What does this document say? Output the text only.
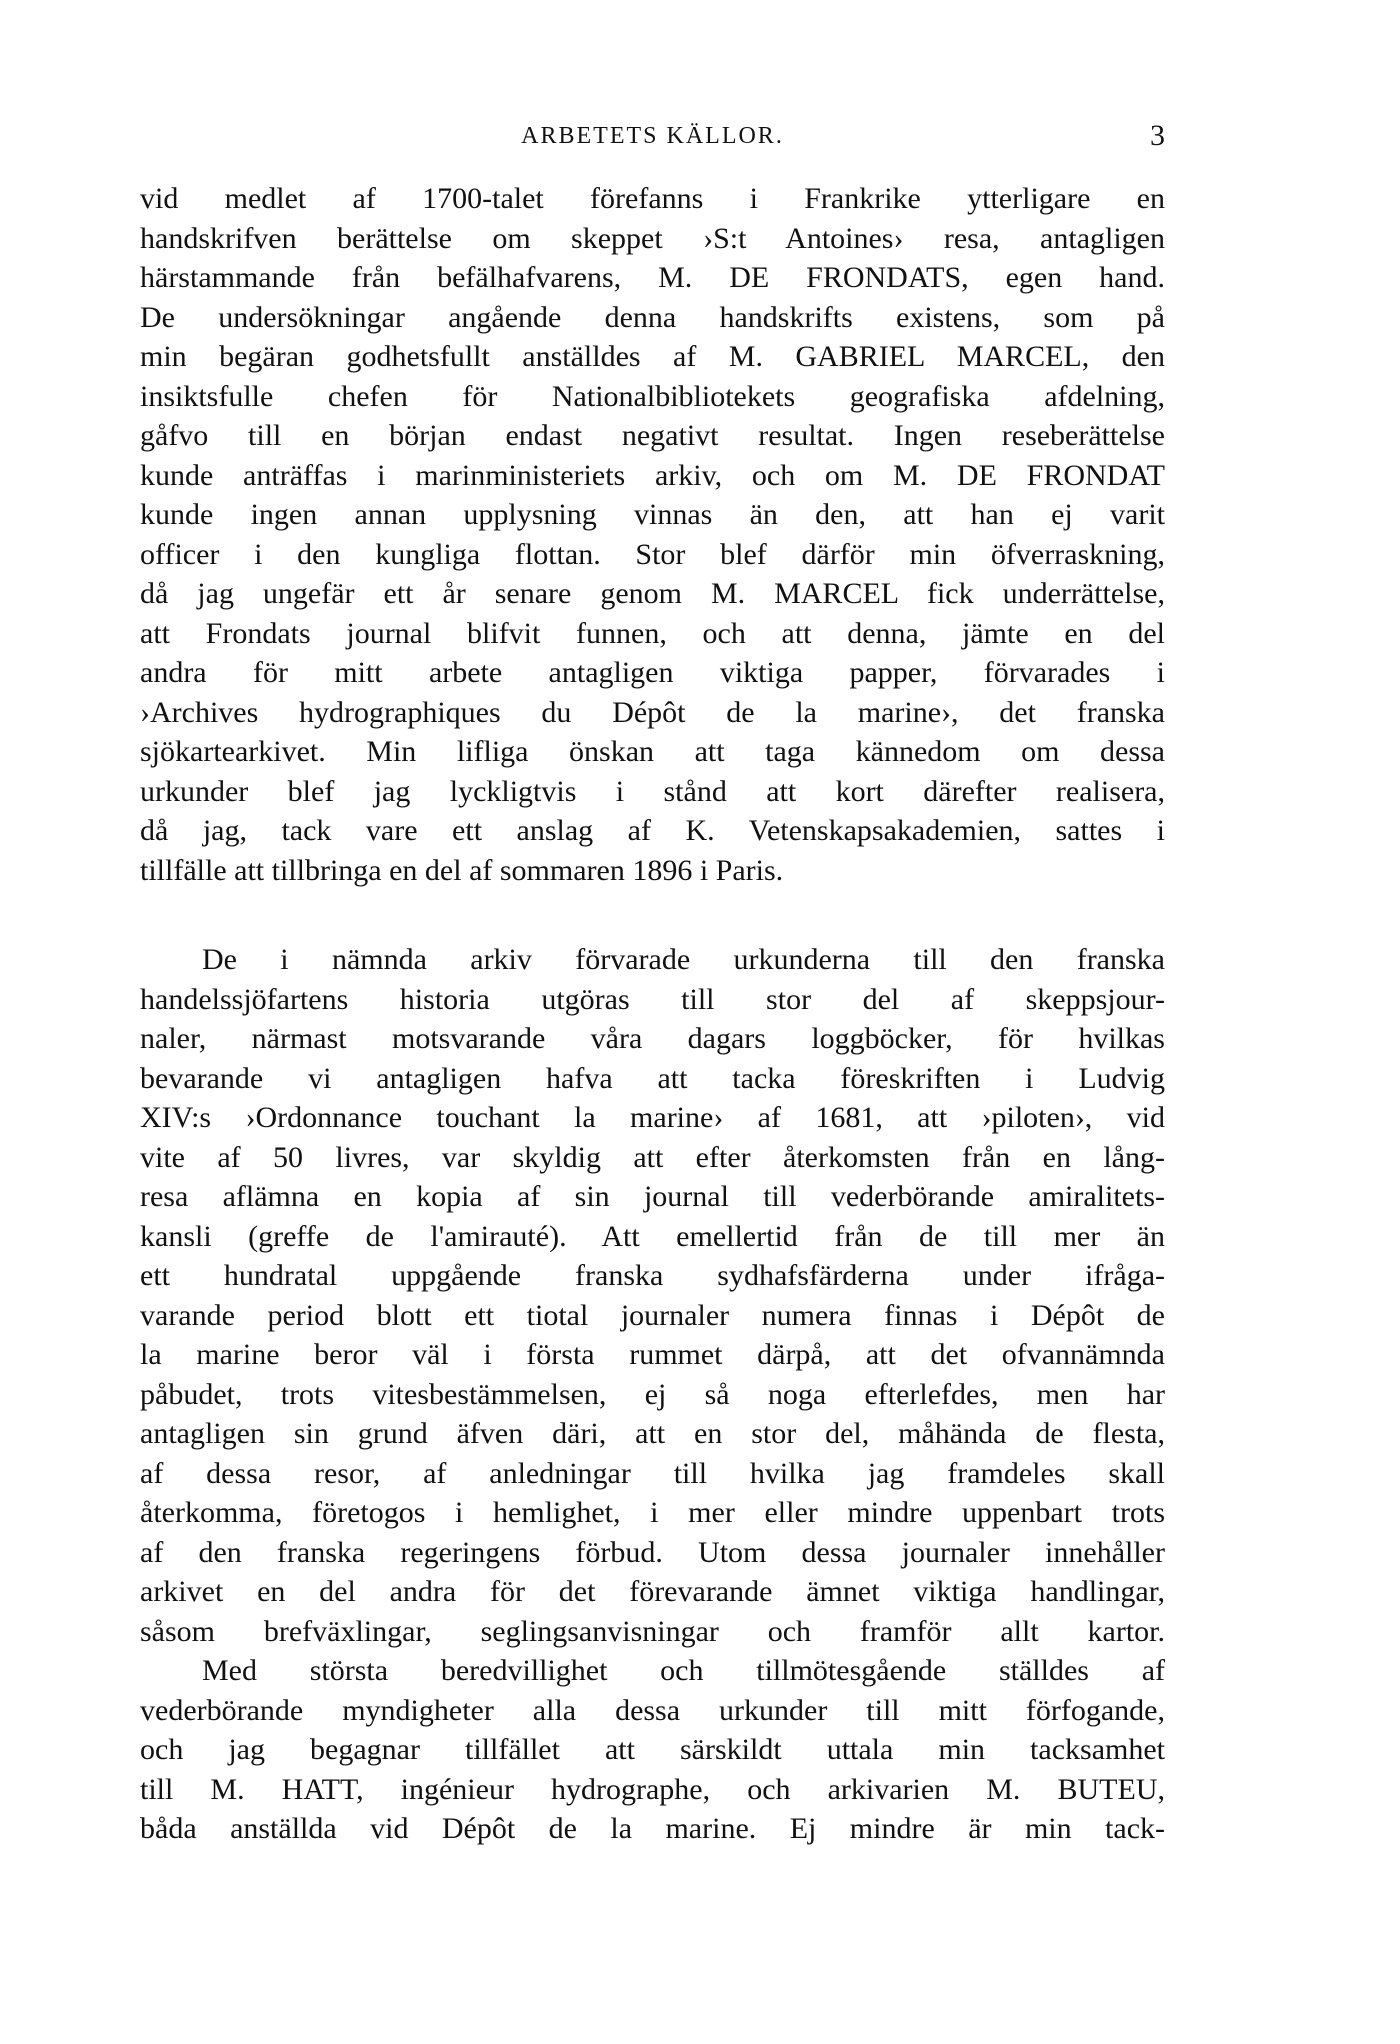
ARBETETS KÄLLOR.	3
vid medlet af 1700-talet förefanns i Frankrike ytterligare en
handskrifven berättelse om skeppet ›S:t Antoines› resa, antagligen
härstammande från befälhafvarens, M. DE FRONDATS, egen hand.
De undersökningar angående denna handskrifts existens, som på
min begäran godhetsfullt anställdes af M. GABRIEL MARCEL, den
insiktsfulle chefen för Nationalbibliotekets geografiska afdelning,
gåfvo till en början endast negativt resultat. Ingen reseberättelse
kunde anträffas i marinministeriets arkiv, och om M. DE FRONDAT
kunde ingen annan upplysning vinnas än den, att han ej varit
officer i den kungliga flottan. Stor blef därför min öfverraskning,
då jag ungefär ett år senare genom M. MARCEL fick underrättelse,
att Frondats journal blifvit funnen, och att denna, jämte en del
andra för mitt arbete antagligen viktiga papper, förvarades i
›Archives hydrographiques du Dépôt de la marine›, det franska
sjökartearkivet. Min lifliga önskan att taga kännedom om dessa
urkunder blef jag lyckligtvis i stånd att kort därefter realisera,
då jag, tack vare ett anslag af K. Vetenskapsakademien, sattes i
tillfälle att tillbringa en del af sommaren 1896 i Paris.
De i nämnda arkiv förvarade urkunderna till den franska
handelssjöfartens historia utgöras till stor del af skeppsjour-
naler, närmast motsvarande våra dagars loggböcker, för hvilkas
bevarande vi antagligen hafva att tacka föreskriften i Ludvig
XIV:s ›Ordonnance touchant la marine› af 1681, att ›piloten›, vid
vite af 50 livres, var skyldig att efter återkomsten från en lång-
resa aflämna en kopia af sin journal till vederbörande amiralitets-
kansli (greffe de l'amirauté). Att emellertid från de till mer än
ett hundratal uppgående franska sydhafsfärderna under ifråga-
varande period blott ett tiotal journaler numera finnas i Dépôt de
la marine beror väl i första rummet därpå, att det ofvannämnda
påbudet, trots vitesbestämmelsen, ej så noga efterlefdes, men har
antagligen sin grund äfven däri, att en stor del, måhända de flesta,
af dessa resor, af anledningar till hvilka jag framdeles skall
återkomma, företogos i hemlighet, i mer eller mindre uppenbart trots
af den franska regeringens förbud. Utom dessa journaler innehåller
arkivet en del andra för det förevarande ämnet viktiga handlingar,
såsom brefväxlingar, seglingsanvisningar och framför allt kartor.
Med största beredvillighet och tillmötesgående ställdes af
vederbörande myndigheter alla dessa urkunder till mitt förfogande,
och jag begagnar tillfället att särskildt uttala min tacksamhet
till M. HATT, ingénieur hydrographe, och arkivarien M. BUTEU,
båda anställda vid Dépôt de la marine. Ej mindre är min tack-
